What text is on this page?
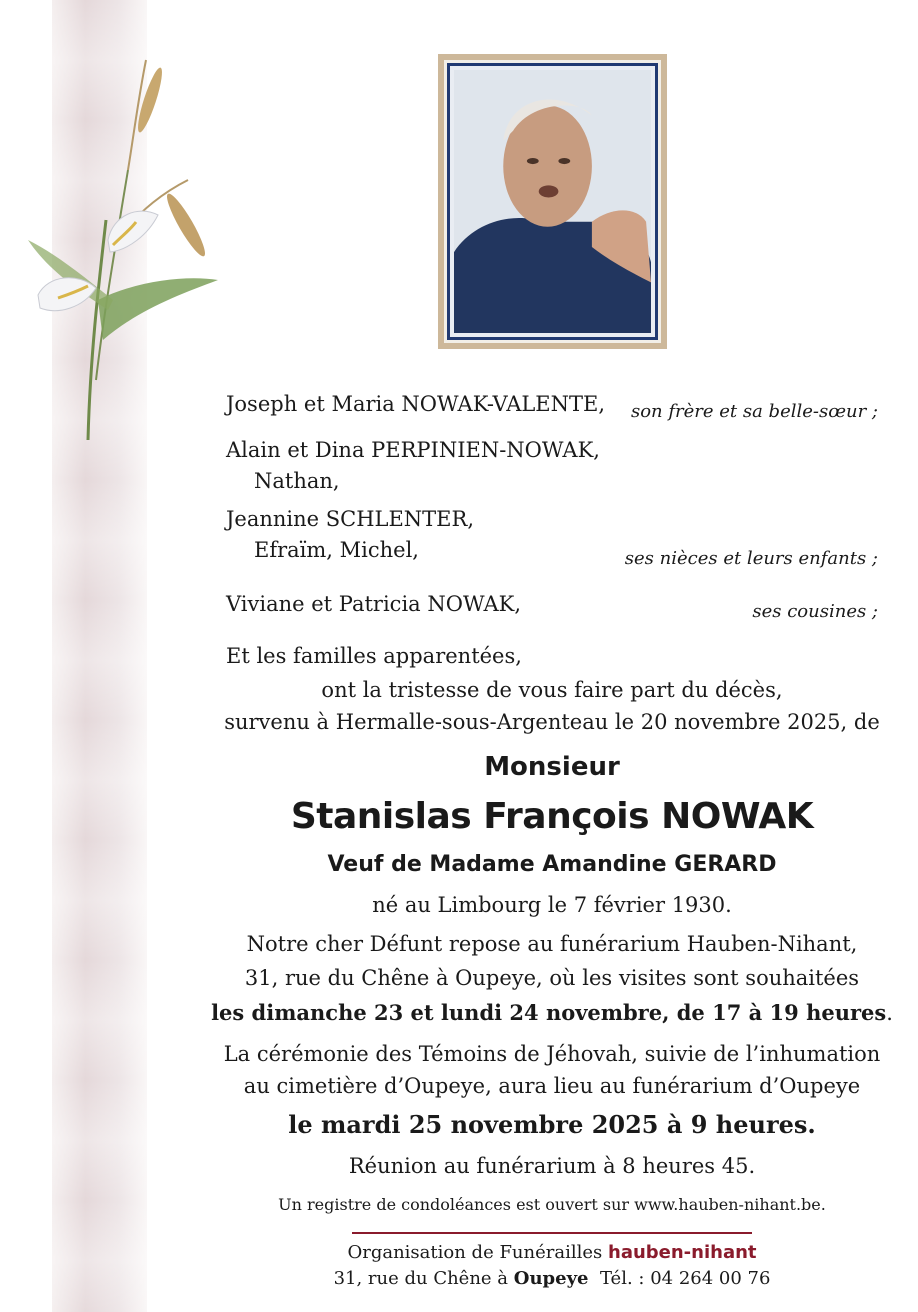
Joseph et Maria NOWAK-VALENTE, son frère et sa belle-sœur ;
Alain et Dina PERPINIEN-NOWAK,
Nathan,
Jeannine SCHLENTER,
Efraïm, Michel,	ses nièces et leurs enfants ;
Viviane et Patricia NOWAK,	ses cousines ;
Et les familles apparentées,
ont la tristesse de vous faire part du décès,
survenu à Hermalle-sous-Argenteau le 20 novembre 2025, de
Monsieur
Stanislas François NOWAK
Veuf de Madame Amandine GERARD
né au Limbourg le 7 février 1930.
Notre cher Défunt repose au funérarium Hauben-Nihant,
31, rue du Chêne à Oupeye, où les visites sont souhaitées
les dimanche 23 et lundi 24 novembre, de 17 à 19 heures.
La cérémonie des Témoins de Jéhovah, suivie de l’inhumation
au cimetière d’Oupeye, aura lieu au funérarium d’Oupeye
le mardi 25 novembre 2025 à 9 heures.
Réunion au funérarium à 8 heures 45.
Un registre de condoléances est ouvert sur www.hauben-nihant.be.
Organisation de Funérailles hauben-nihant
31, rue du Chêne à Oupeye Tél. : 04 264 00 76
